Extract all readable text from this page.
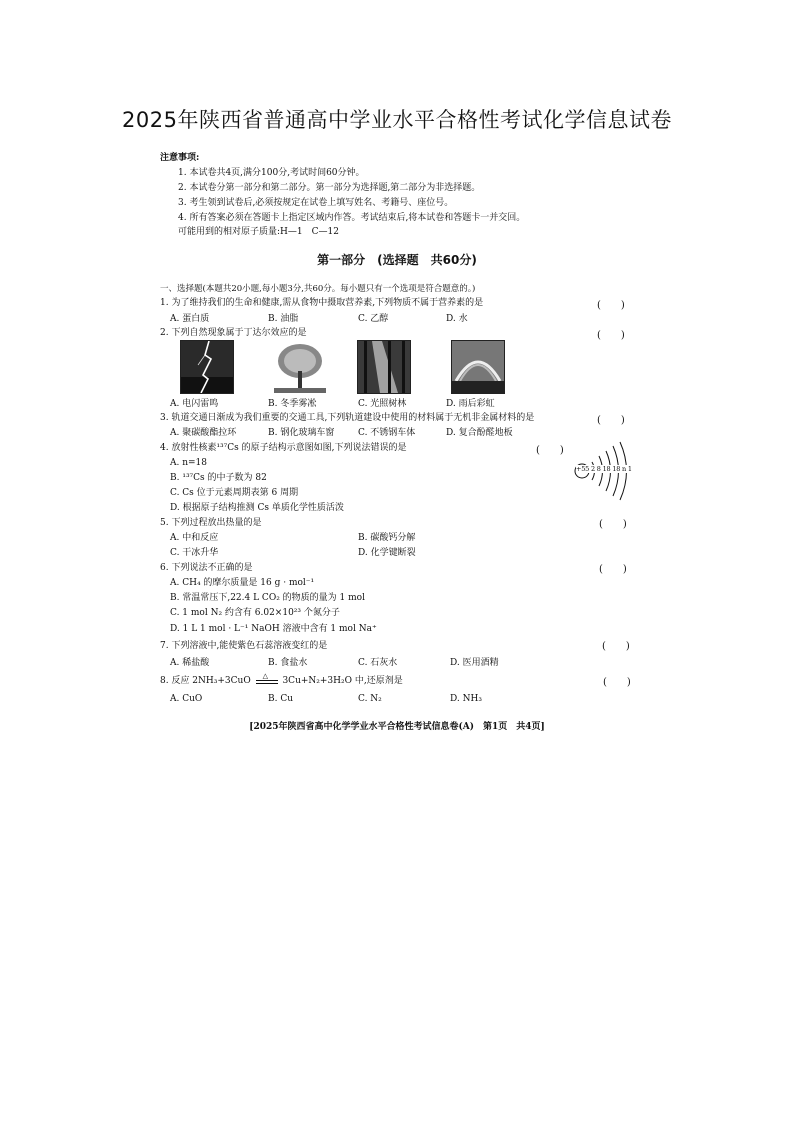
2025年陕西省普通高中学业水平合格性考试化学信息试卷
注意事项:
1. 本试卷共4页,满分100分,考试时间60分钟。
2. 本试卷分第一部分和第二部分。第一部分为选择题,第二部分为非选择题。
3. 考生领到试卷后,必须按规定在试卷上填写姓名、考籍号、座位号。
4. 所有答案必须在答题卡上指定区域内作答。考试结束后,将本试卷和答题卡一并交回。
可能用到的相对原子质量:H—1　C—12
第一部分　(选择题　共60分)
一、选择题(本题共20小题,每小题3分,共60分。每小题只有一个选项是符合题意的。)
1. 为了维持我们的生命和健康,需从食物中摄取营养素,下列物质不属于营养素的是	(　　)
A. 蛋白质	B. 油脂	C. 乙醇	D. 水
2. 下列自然现象属于丁达尔效应的是	(　　)
A. 电闪雷鸣	B. 冬季雾凇	C. 光照树林	D. 雨后彩虹
3. 轨道交通日渐成为我们重要的交通工具,下列轨道建设中使用的材料属于无机非金属材料的是	(　　)
A. 聚碳酸酯拉环	B. 钢化玻璃车窗	C. 不锈钢车体	D. 复合酚醛地板
4. 放射性核素¹³⁷Cs 的原子结构示意图如图,下列说法错误的是	(　　)
A. n=18
B. ¹³⁷Cs 的中子数为 82
C. Cs 位于元素周期表第 6 周期
D. 根据原子结构推测 Cs 单质化学性质活泼
+55 2 8 18 18 n 1
5. 下列过程放出热量的是	(　　)
A. 中和反应	B. 碳酸钙分解
C. 干冰升华	D. 化学键断裂
6. 下列说法不正确的是	(　　)
A. CH₄ 的摩尔质量是 16 g · mol⁻¹
B. 常温常压下,22.4 L CO₂ 的物质的量为 1 mol
C. 1 mol N₂ 约含有 6.02×10²³ 个氮分子
D. 1 L 1 mol · L⁻¹ NaOH 溶液中含有 1 mol Na⁺
7. 下列溶液中,能使紫色石蕊溶液变红的是	(　　)
A. 稀盐酸	B. 食盐水	C. 石灰水	D. 医用酒精
8. 反应 2NH₃+3CuO
△
3Cu+N₂+3H₂O 中,还原剂是	(　　)
A. CuO	B. Cu	C. N₂	D. NH₃
[2025年陕西省高中化学学业水平合格性考试信息卷(A)　第1页　共4页]
